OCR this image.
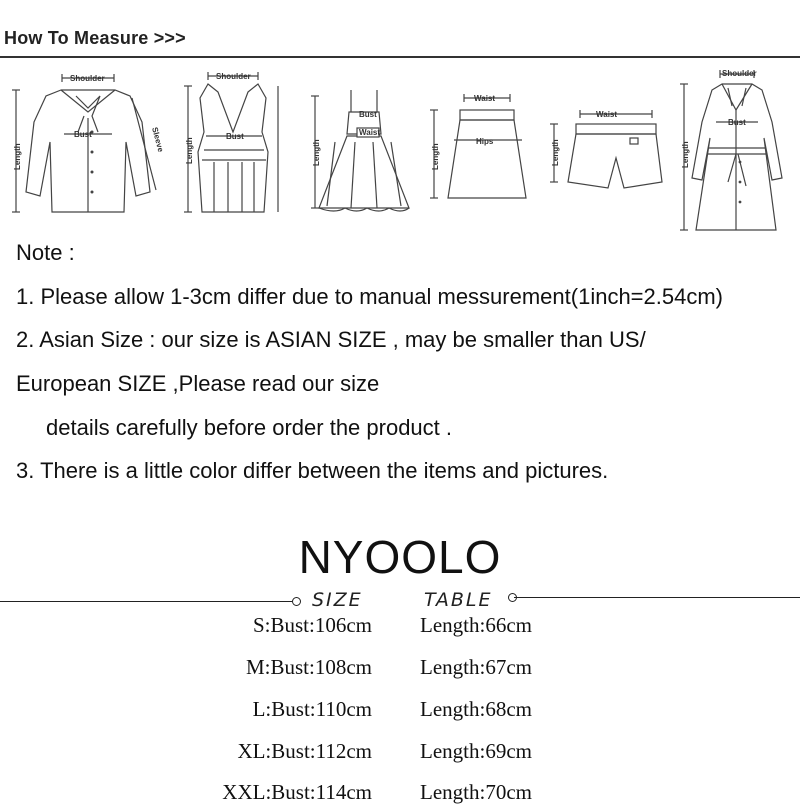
How To Measure >>>
Shoulder
Bust
Length
Sleeve
Shoulder
Bust
Length
Bust
Waist
Length
Waist
Hips
Length
Waist
Length
Shoulder
Bust
Length
Note :
1. Please allow 1-3cm differ due to manual messurement(1inch=2.54cm)
2. Asian Size : our size is ASIAN SIZE , may be smaller than US/
European SIZE ,Please read our size
details carefully before order the product .
3. There is a little color differ between the items and pictures.
NYOOLO
SIZE	TABLE
S:Bust:106cm Length:66cm
M:Bust:108cm Length:67cm
L:Bust:110cm Length:68cm
XL:Bust:112cm Length:69cm
XXL:Bust:114cm Length:70cm
